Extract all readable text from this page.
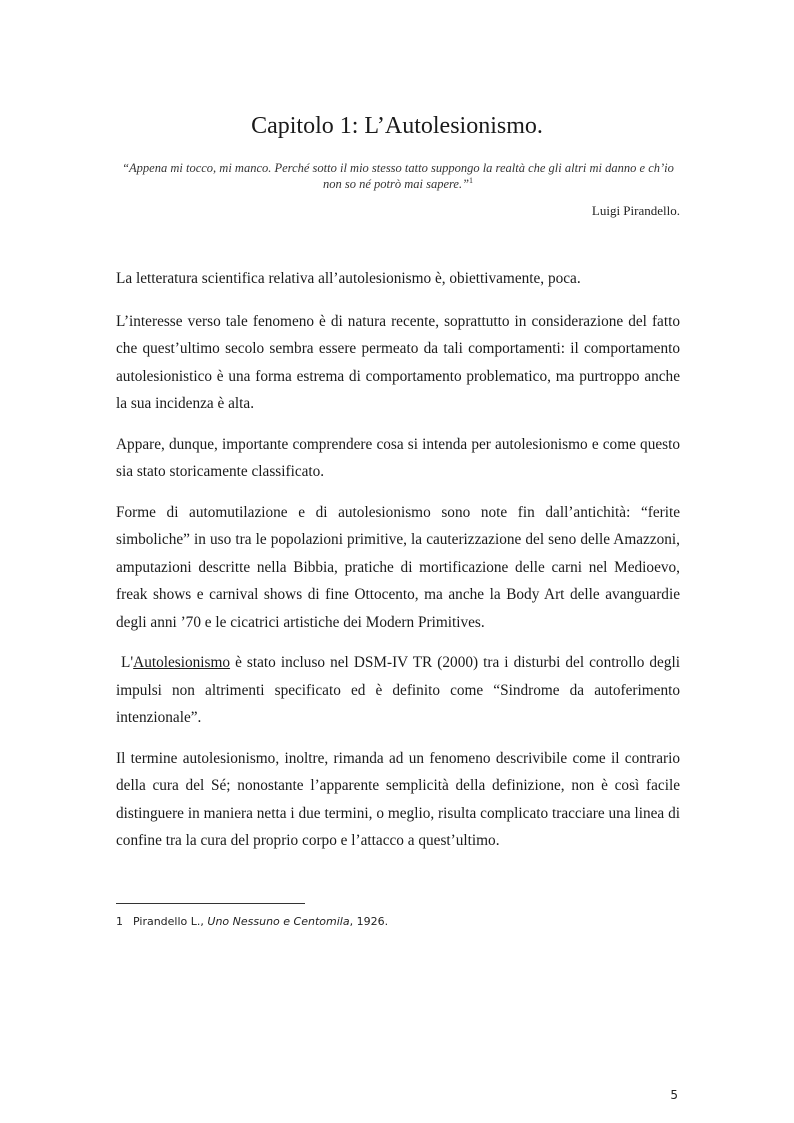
Capitolo 1: L’Autolesionismo.
“Appena mi tocco, mi manco. Perché sotto il mio stesso tatto suppongo la realtà che gli altri mi danno e ch’io non so né potrò mai sapere.”$^1$
Luigi Pirandello.

La letteratura scientifica relativa all’autolesionismo è, obiettivamente, poca.

L’interesse verso tale fenomeno è di natura recente, soprattutto in considerazione del fatto che quest’ultimo secolo sembra essere permeato da tali comportamenti: il comportamento autolesionistico è una forma estrema di comportamento problematico, ma purtroppo anche la sua incidenza è alta.

Appare, dunque, importante comprendere cosa si intenda per autolesionismo e come questo sia stato storicamente classificato.

Forme di automutilazione e di autolesionismo sono note fin dall’antichità: “ferite simboliche” in uso tra le popolazioni primitive, la cauterizzazione del seno delle Amazzoni, amputazioni descritte nella Bibbia, pratiche di mortificazione delle carni nel Medioevo, freak shows e carnival shows di fine Ottocento, ma anche la Body Art delle avanguardie degli anni ’70 e le cicatrici artistiche dei Modern Primitives.

L'Autolesionismo è stato incluso nel DSM-IV TR (2000) tra i disturbi del controllo degli impulsi non altrimenti specificato ed è definito come “Sindrome da autoferimento intenzionale”.

Il termine autolesionismo, inoltre, rimanda ad un fenomeno descrivibile come il contrario della cura del Sé; nonostante l’apparente semplicità della definizione, non è così facile distinguere in maniera netta i due termini, o meglio, risulta complicato tracciare una linea di confine tra la cura del proprio corpo e l’attacco a quest’ultimo.

1 Pirandello L., Uno Nessuno e Centomila, 1926.
5
